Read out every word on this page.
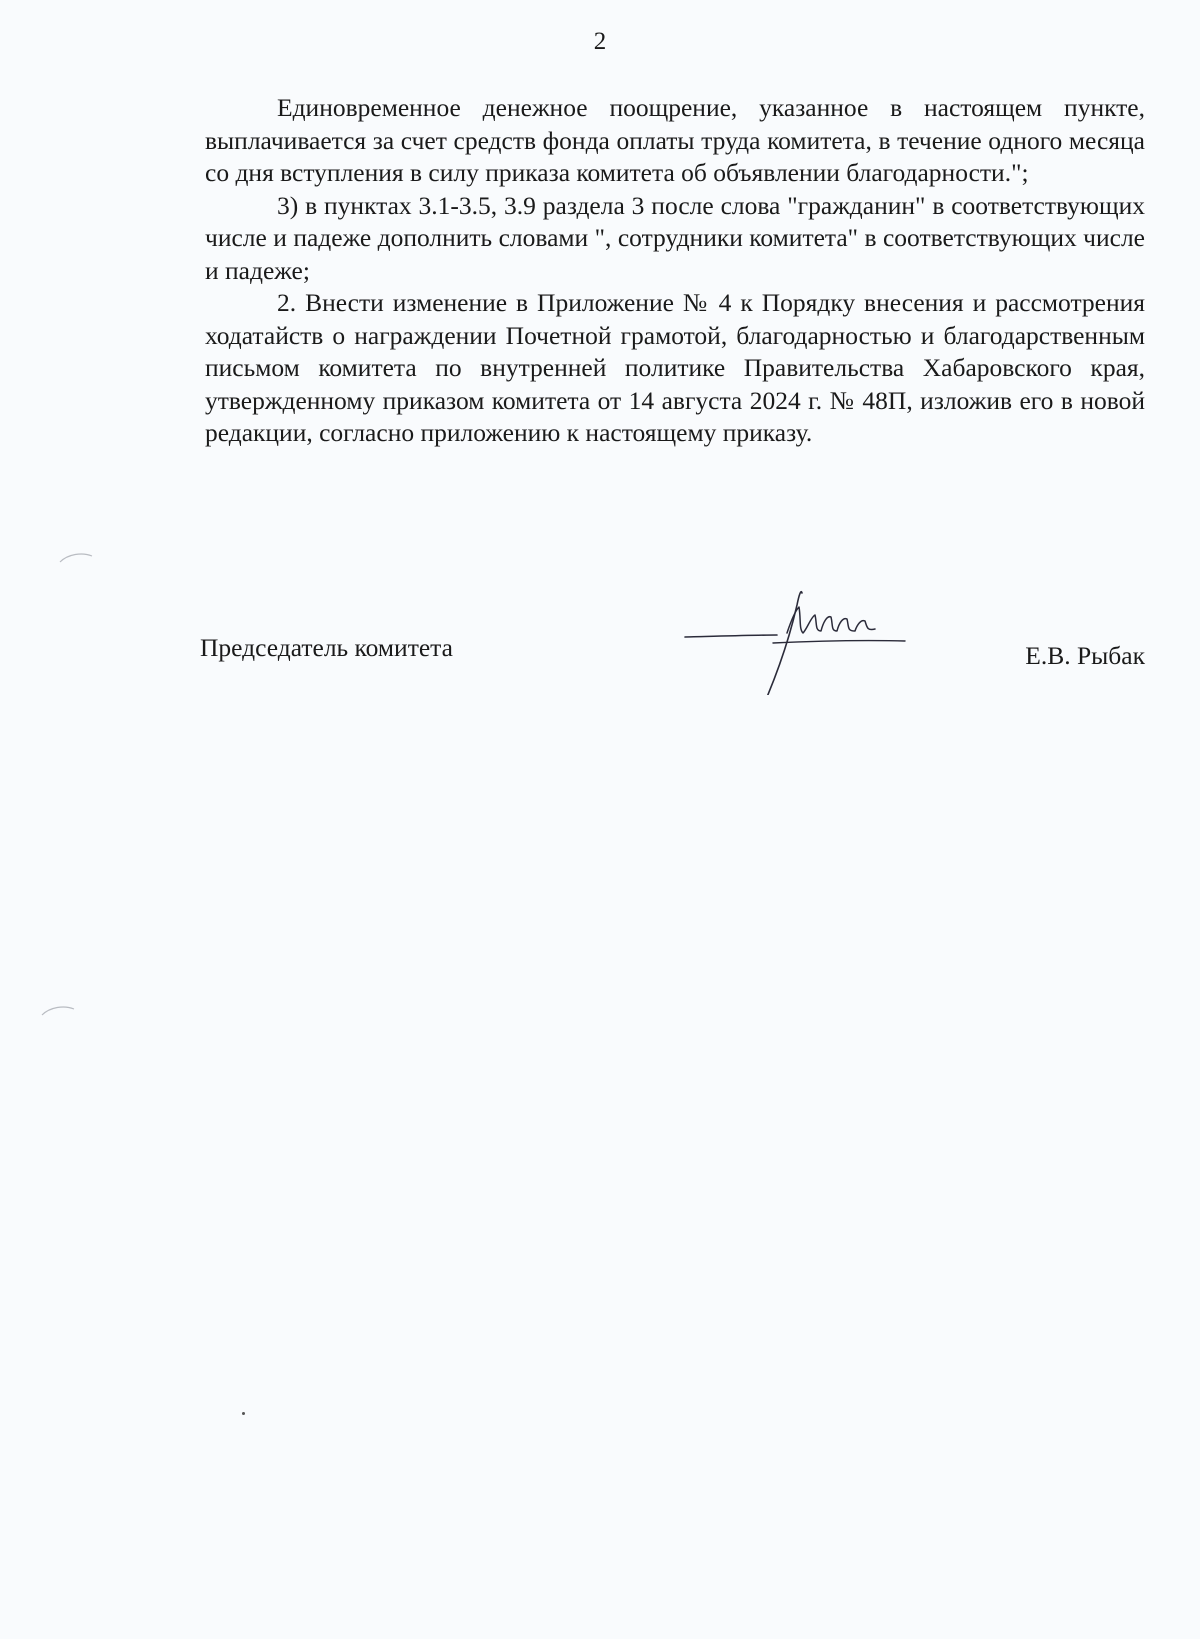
2

Единовременное денежное поощрение, указанное в настоящем пункте, выплачивается за счет средств фонда оплаты труда комитета, в течение одного месяца со дня вступления в силу приказа комитета об объявлении благодарности.";

3) в пунктах 3.1-3.5, 3.9 раздела 3 после слова "гражданин" в соответствующих числе и падеже дополнить словами ", сотрудники комитета" в соответствующих числе и падеже;

2. Внести изменение в Приложение № 4 к Порядку внесения и рассмотрения ходатайств о награждении Почетной грамотой, благодарностью и благодарственным письмом комитета по внутренней политике Правительства Хабаровского края, утвержденному приказом комитета от 14 августа 2024 г. № 48П, изложив его в новой редакции, согласно приложению к настоящему приказу.

Председатель комитета	Е.В. Рыбак
